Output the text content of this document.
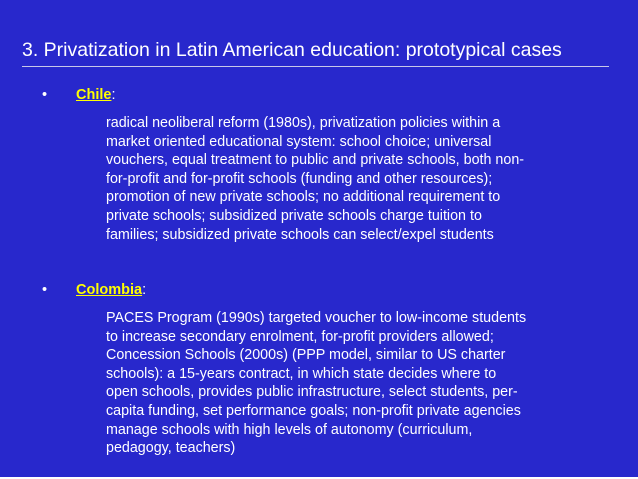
3. Privatization in Latin American education: prototypical cases
• Chile:
radical neoliberal reform (1980s), privatization policies within a
market oriented educational system: school choice; universal
vouchers, equal treatment to public and private schools, both non-
for-profit and for-profit schools (funding and other resources);
promotion of new private schools; no additional requirement to
private schools; subsidized private schools charge tuition to
families; subsidized private schools can select/expel students
• Colombia:
PACES Program (1990s) targeted voucher to low-income students
to increase secondary enrolment, for-profit providers allowed;
Concession Schools (2000s) (PPP model, similar to US charter
schools): a 15-years contract, in which state decides where to
open schools, provides public infrastructure, select students, per-
capita funding, set performance goals; non-profit private agencies
manage schools with high levels of autonomy (curriculum,
pedagogy, teachers)
